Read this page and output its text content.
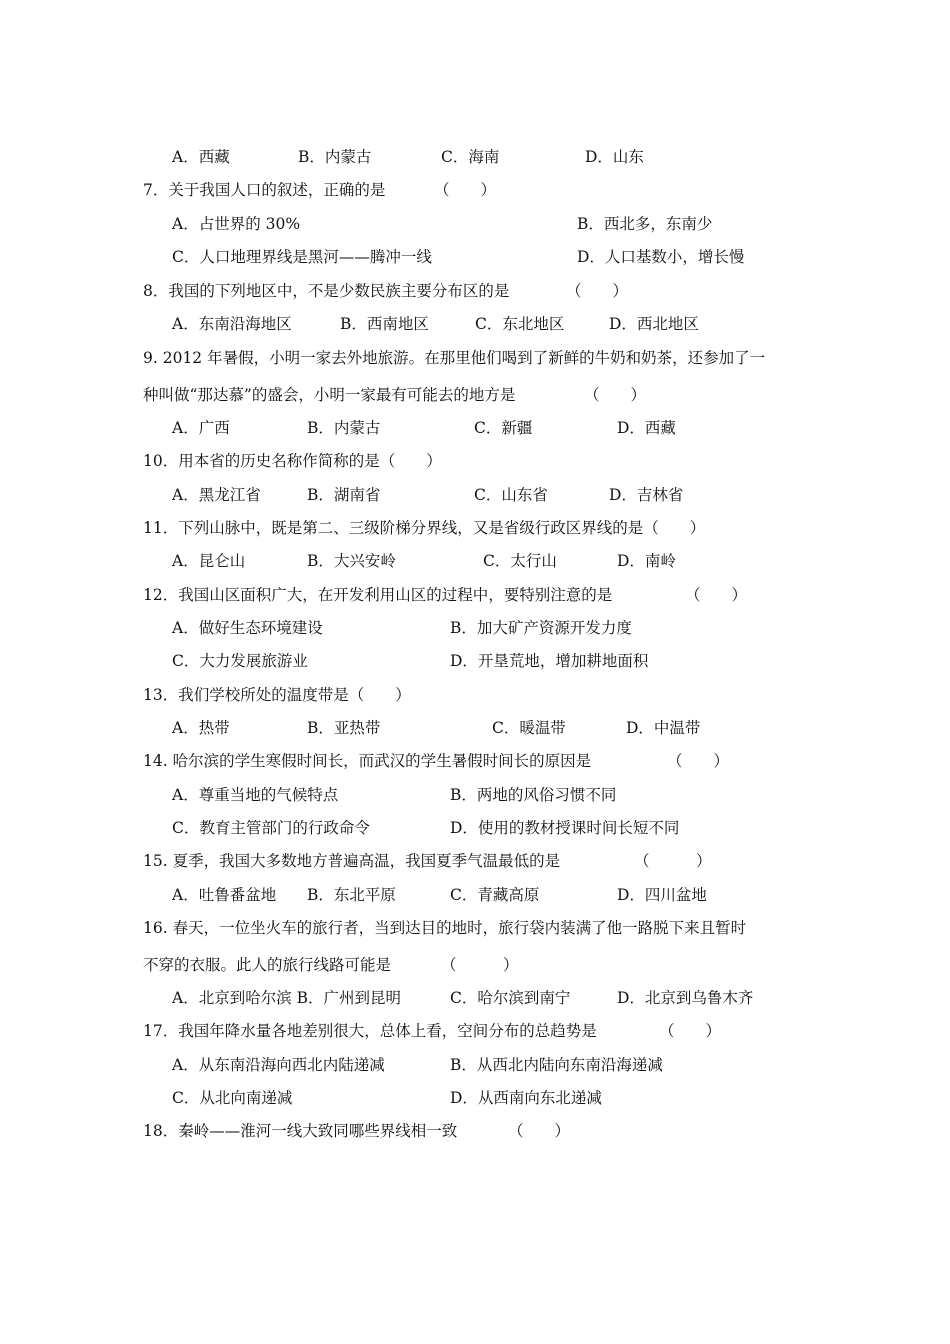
A．西藏	B．内蒙古	C．海南	D．山东
7．关于我国人口的叙述，正确的是	（　　）
A．占世界的 30%	B．西北多，东南少
C．人口地理界线是黑河——腾冲一线	D．人口基数小，增长慢
8．我国的下列地区中，不是少数民族主要分布区的是	（　　）
A．东南沿海地区	B．西南地区	C．东北地区	D．西北地区
9. 2012 年暑假，小明一家去外地旅游。在那里他们喝到了新鲜的牛奶和奶茶，还参加了一
种叫做“那达慕”的盛会，小明一家最有可能去的地方是	（　　）
A．广西	B．内蒙古	C．新疆	D．西藏
10．用本省的历史名称作简称的是（　　）
A．黑龙江省	B．湖南省	C．山东省	D．吉林省
11．下列山脉中，既是第二、三级阶梯分界线，又是省级行政区界线的是（　　）
A．昆仑山	B．大兴安岭	C．太行山	D．南岭
12．我国山区面积广大，在开发利用山区的过程中，要特别注意的是	（　　）
A．做好生态环境建设	B．加大矿产资源开发力度
C．大力发展旅游业	D．开垦荒地，增加耕地面积
13．我们学校所处的温度带是（　　）
A．热带	B．亚热带	C．暖温带	D．中温带
14. 哈尔滨的学生寒假时间长，而武汉的学生暑假时间长的原因是	（　　）
A．尊重当地的气候特点	B．两地的风俗习惯不同
C．教育主管部门的行政命令	D．使用的教材授课时间长短不同
15. 夏季，我国大多数地方普遍高温，我国夏季气温最低的是	（　　　）
A．吐鲁番盆地 B．东北平原	C．青藏高原	D．四川盆地
16. 春天，一位坐火车的旅行者，当到达目的地时，旅行袋内装满了他一路脱下来且暂时
不穿的衣服。此人的旅行线路可能是	（　　　）
A．北京到哈尔滨 B．广州到昆明	C．哈尔滨到南宁	D．北京到乌鲁木齐
17．我国年降水量各地差别很大，总体上看，空间分布的总趋势是	（　　）
A．从东南沿海向西北内陆递减	B．从西北内陆向东南沿海递减
C．从北向南递减	D．从西南向东北递减
18．秦岭——淮河一线大致同哪些界线相一致	（　　）
